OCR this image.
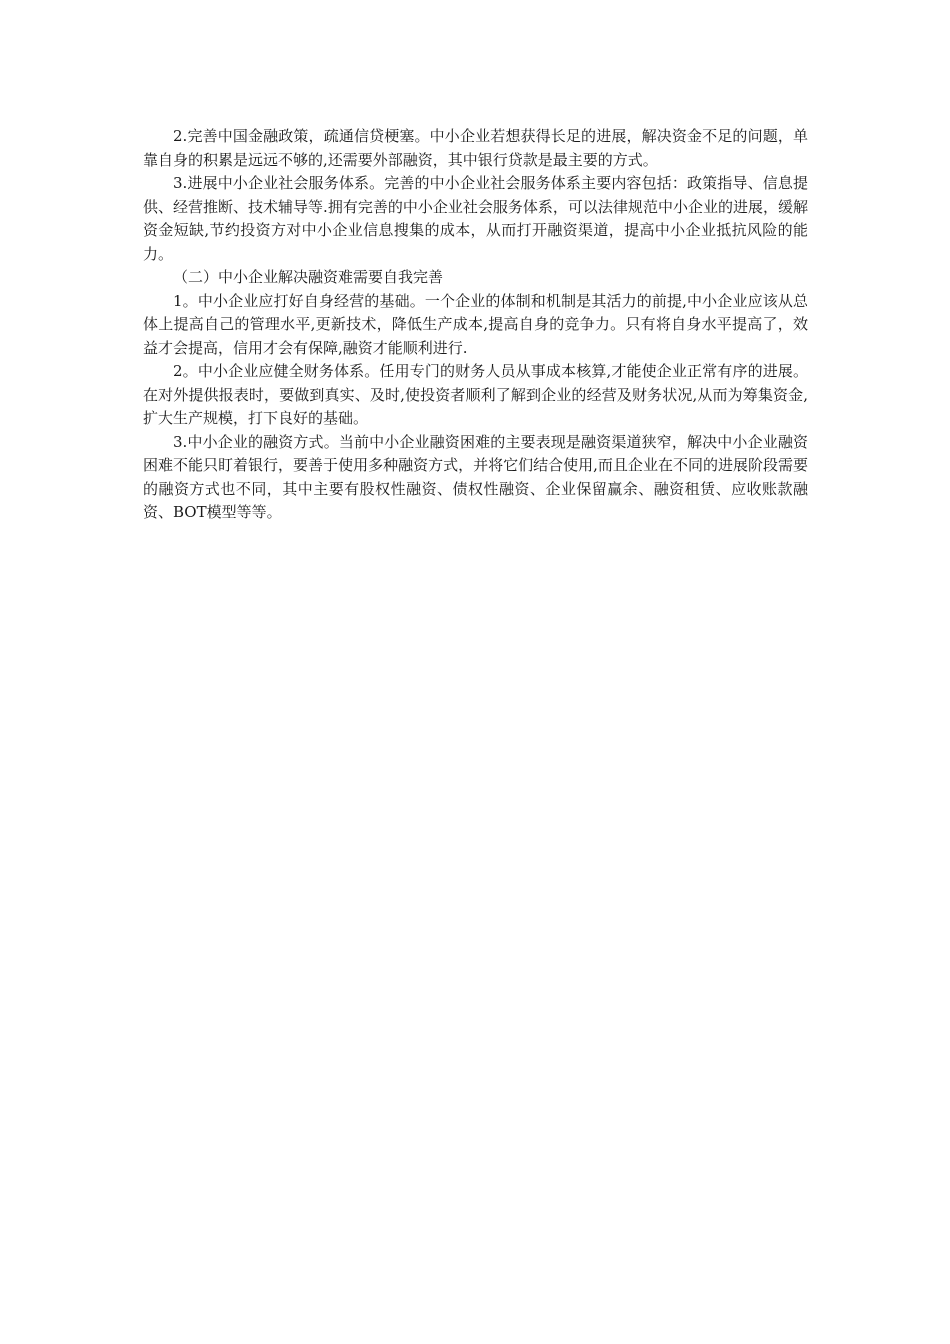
2.完善中国金融政策，疏通信贷梗塞。中小企业若想获得长足的进展，解决资金不足的问题，单靠自身的积累是远远不够的,还需要外部融资，其中银行贷款是最主要的方式。

3.进展中小企业社会服务体系。完善的中小企业社会服务体系主要内容包括：政策指导、信息提供、经营推断、技术辅导等.拥有完善的中小企业社会服务体系，可以法律规范中小企业的进展，缓解资金短缺,节约投资方对中小企业信息搜集的成本，从而打开融资渠道，提高中小企业抵抗风险的能力。

（二）中小企业解决融资难需要自我完善

1。中小企业应打好自身经营的基础。一个企业的体制和机制是其活力的前提,中小企业应该从总体上提高自己的管理水平,更新技术，降低生产成本,提高自身的竞争力。只有将自身水平提高了，效益才会提高，信用才会有保障,融资才能顺利进行.

2。中小企业应健全财务体系。任用专门的财务人员从事成本核算,才能使企业正常有序的进展。在对外提供报表时，要做到真实、及时,使投资者顺利了解到企业的经营及财务状况,从而为筹集资金,扩大生产规模，打下良好的基础。

3.中小企业的融资方式。当前中小企业融资困难的主要表现是融资渠道狭窄，解决中小企业融资困难不能只盯着银行，要善于使用多种融资方式，并将它们结合使用,而且企业在不同的进展阶段需要的融资方式也不同，其中主要有股权性融资、债权性融资、企业保留赢余、融资租赁、应收账款融资、BOT模型等等。
